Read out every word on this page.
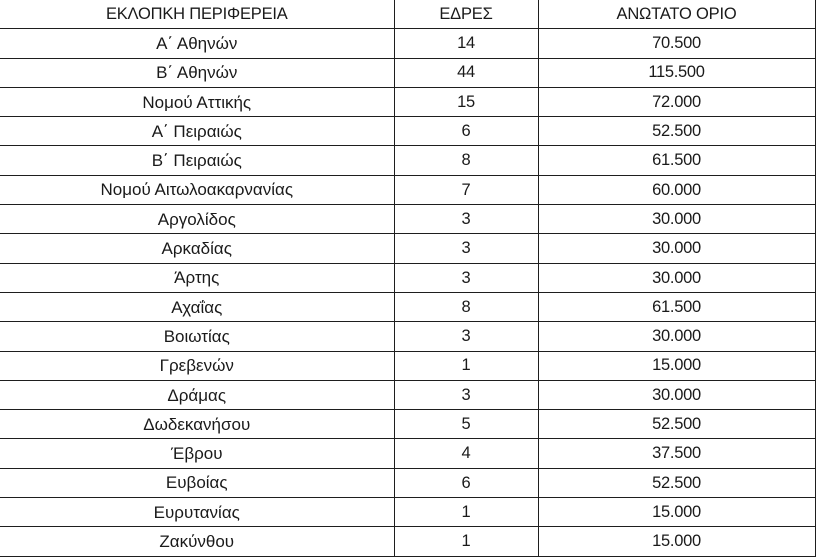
ΕΚΛΟΠΚΗ ΠΕΡΙΦΕΡΕΙΑ	ΕΔΡΕΣ	ΑΝΩΤΑΤΟ ΟΡΙΟ
Α΄ Αθηνών	14	70.500
Β΄ Αθηνών	44	115.500
Νομού Αττικής	15	72.000
Α΄ Πειραιώς	6	52.500
Β΄ Πειραιώς	8	61.500
Νομού Αιτωλοακαρνανίας	7	60.000
Αργολίδος	3	30.000
Αρκαδίας	3	30.000
Άρτης	3	30.000
Αχαΐας	8	61.500
Βοιωτίας	3	30.000
Γρεβενών	1	15.000
Δράμας	3	30.000
Δωδεκανήσου	5	52.500
Έβρου	4	37.500
Ευβοίας	6	52.500
Ευρυτανίας	1	15.000
Ζακύνθου	1	15.000
